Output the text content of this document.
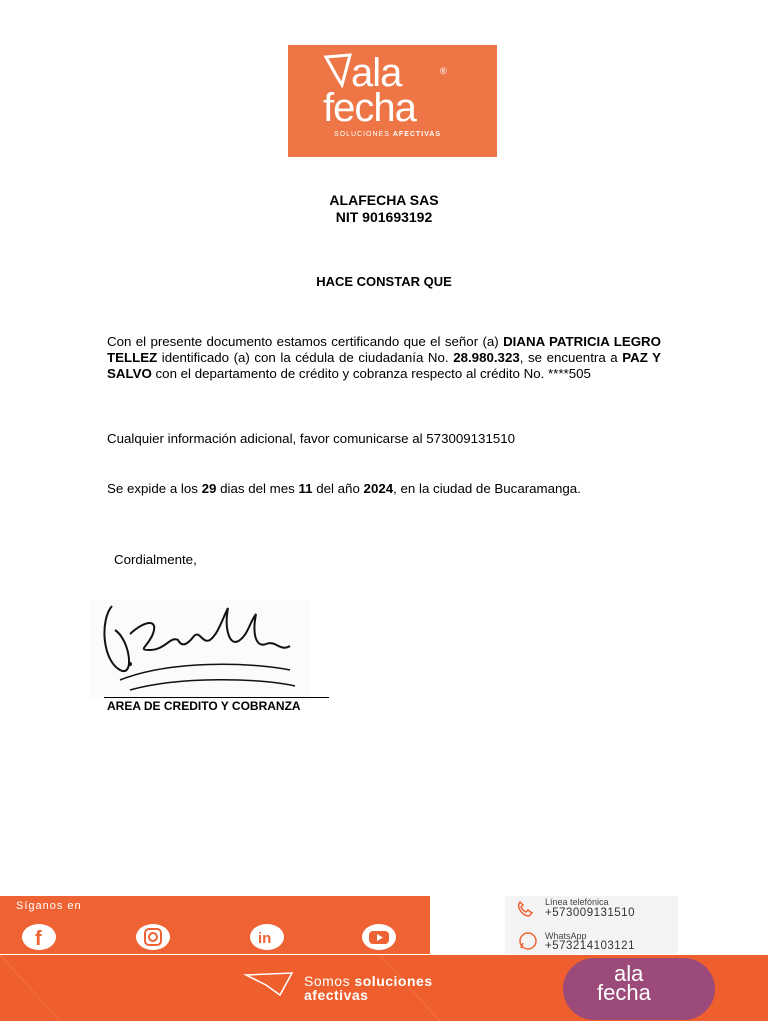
ala	®
fecha
SOLUCIONES AFECTIVAS
ALAFECHA SAS
NIT 901693192
HACE CONSTAR QUE
Con el presente documento estamos certificando que el señor (a) DIANA PATRICIA LEGRO TELLEZ identificado (a) con la cédula de ciudadanía No. 28.980.323, se encuentra a PAZ Y SALVO con el departamento de crédito y cobranza respecto al crédito No. ****505
Cualquier información adicional, favor comunicarse al 573009131510
Se expide a los 29 dias del mes 11 del año 2024, en la ciudad de Bucaramanga.
Cordialmente,
AREA DE CREDITO Y COBRANZA
Síganos en
f	in
Línea telefónica
+573009131510
WhatsApp
+573214103121
Somos soluciones
afectivas
ala
fecha
